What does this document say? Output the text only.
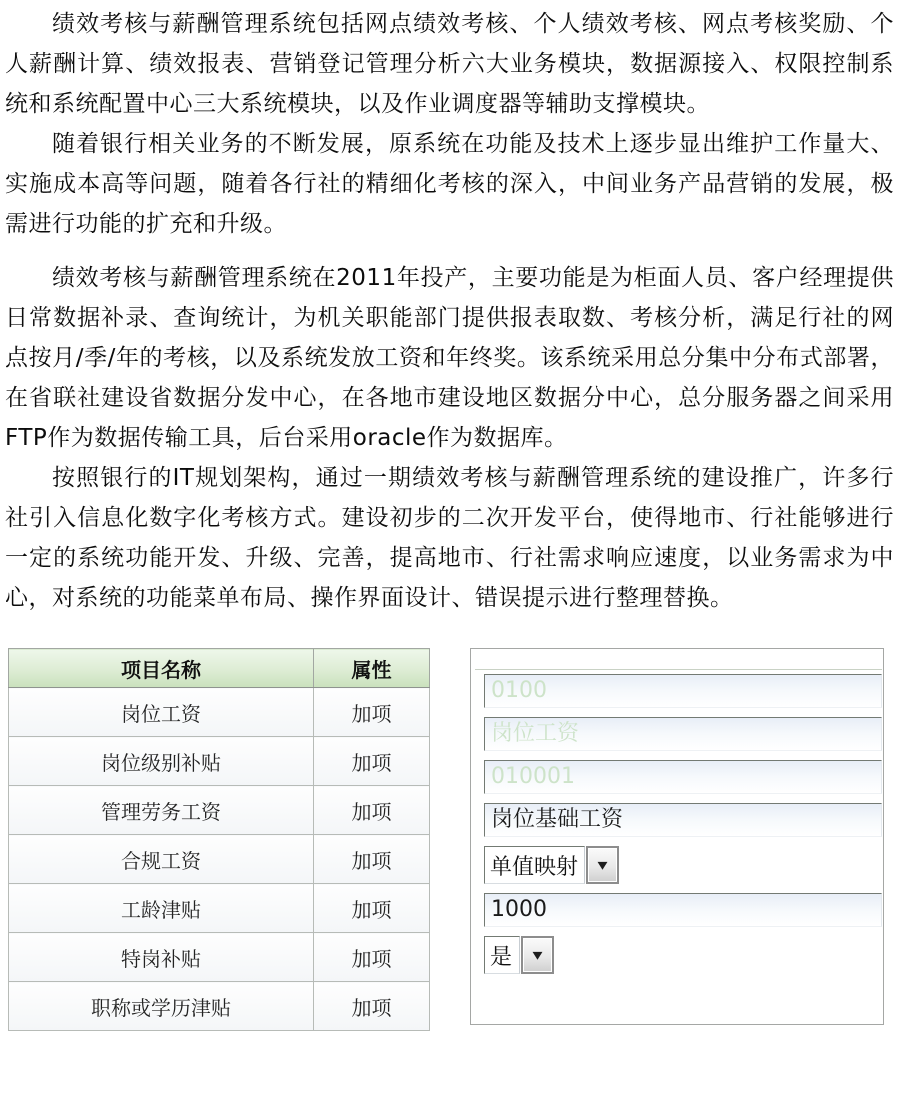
绩效考核与薪酬管理系统包括网点绩效考核、个人绩效考核、网点考核奖励、个人薪酬计算、绩效报表、营销登记管理分析六大业务模块，数据源接入、权限控制系统和系统配置中心三大系统模块，以及作业调度器等辅助支撑模块。

随着银行相关业务的不断发展，原系统在功能及技术上逐步显出维护工作量大、实施成本高等问题，随着各行社的精细化考核的深入，中间业务产品营销的发展，极需进行功能的扩充和升级。

绩效考核与薪酬管理系统在2011年投产，主要功能是为柜面人员、客户经理提供日常数据补录、查询统计，为机关职能部门提供报表取数、考核分析，满足行社的网点按月/季/年的考核，以及系统发放工资和年终奖。该系统采用总分集中分布式部署，在省联社建设省数据分发中心，在各地市建设地区数据分中心，总分服务器之间采用FTP作为数据传输工具，后台采用oracle作为数据库。

按照银行的IT规划架构，通过一期绩效考核与薪酬管理系统的建设推广，许多行社引入信息化数字化考核方式。建设初步的二次开发平台，使得地市、行社能够进行一定的系统功能开发、升级、完善，提高地市、行社需求响应速度，以业务需求为中心，对系统的功能菜单布局、操作界面设计、错误提示进行整理替换。

项目名称	属性
岗位工资	加项
岗位级别补贴	加项
管理劳务工资	加项
合规工资	加项
工龄津贴	加项
特岗补贴	加项
职称或学历津贴	加项
0100
岗位工资
010001
岗位基础工资
单值映射	▼
1000
是	▼
